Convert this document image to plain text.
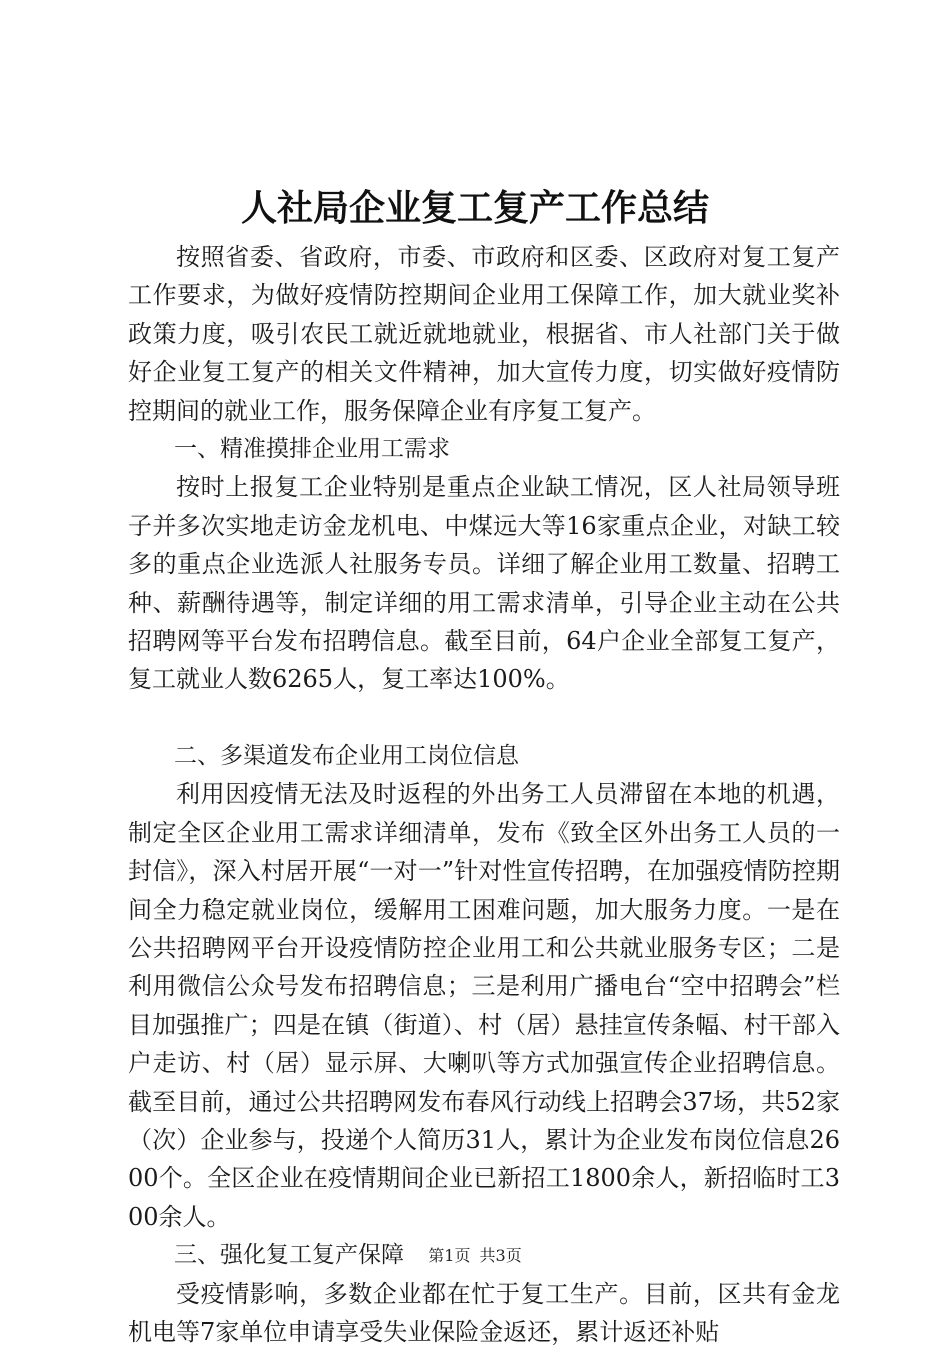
人社局企业复工复产工作总结

按照省委、省政府，市委、市政府和区委、区政府对复工复产工作要求，为做好疫情防控期间企业用工保障工作，加大就业奖补政策力度，吸引农民工就近就地就业，根据省、市人社部门关于做好企业复工复产的相关文件精神，加大宣传力度，切实做好疫情防控期间的就业工作，服务保障企业有序复工复产。

一、精准摸排企业用工需求

按时上报复工企业特别是重点企业缺工情况，区人社局领导班子并多次实地走访金龙机电、中煤远大等16家重点企业，对缺工较多的重点企业选派人社服务专员。详细了解企业用工数量、招聘工种、薪酬待遇等，制定详细的用工需求清单，引导企业主动在公共招聘网等平台发布招聘信息。截至目前，64户企业全部复工复产，复工就业人数6265人，复工率达100%。

二、多渠道发布企业用工岗位信息

利用因疫情无法及时返程的外出务工人员滞留在本地的机遇，制定全区企业用工需求详细清单，发布《致全区外出务工人员的一封信》，深入村居开展“一对一”针对性宣传招聘，在加强疫情防控期间全力稳定就业岗位，缓解用工困难问题，加大服务力度。一是在公共招聘网平台开设疫情防控企业用工和公共就业服务专区；二是利用微信公众号发布招聘信息；三是利用广播电台“空中招聘会”栏目加强推广；四是在镇（街道）、村（居）悬挂宣传条幅、村干部入户走访、村（居）显示屏、大喇叭等方式加强宣传企业招聘信息。截至目前，通过公共招聘网发布春风行动线上招聘会37场，共52家（次）企业参与，投递个人简历31人，累计为企业发布岗位信息2600个。全区企业在疫情期间企业已新招工1800余人，新招临时工300余人。

三、强化复工复产保障

受疫情影响，多数企业都在忙于复工生产。目前，区共有金龙机电等7家单位申请享受失业保险金返还，累计返还补贴

第1页 共3页
